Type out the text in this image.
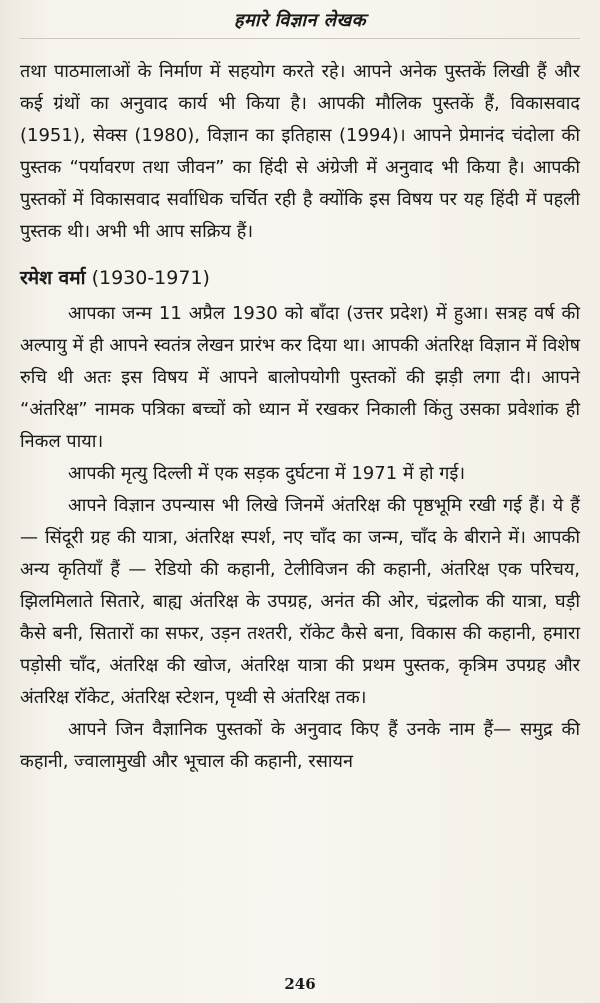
हमारे विज्ञान लेखक

तथा पाठमालाओं के निर्माण में सहयोग करते रहे। आपने अनेक पुस्तकें लिखी हैं और कई ग्रंथों का अनुवाद कार्य भी किया है। आपकी मौलिक पुस्तकें हैं, विकासवाद (1951), सेक्स (1980), विज्ञान का इतिहास (1994)। आपने प्रेमानंद चंदोला की पुस्तक “पर्यावरण तथा जीवन” का हिंदी से अंग्रेजी में अनुवाद भी किया है। आपकी पुस्तकों में विकासवाद सर्वाधिक चर्चित रही है क्योंकि इस विषय पर यह हिंदी में पहली पुस्तक थी। अभी भी आप सक्रिय हैं।

रमेश वर्मा (1930-1971)

आपका जन्म 11 अप्रैल 1930 को बाँदा (उत्तर प्रदेश) में हुआ। सत्रह वर्ष की अल्पायु में ही आपने स्वतंत्र लेखन प्रारंभ कर दिया था। आपकी अंतरिक्ष विज्ञान में विशेष रुचि थी अतः इस विषय में आपने बालोपयोगी पुस्तकों की झड़ी लगा दी। आपने “अंतरिक्ष” नामक पत्रिका बच्चों को ध्यान में रखकर निकाली किंतु उसका प्रवेशांक ही निकल पाया।

आपकी मृत्यु दिल्ली में एक सड़क दुर्घटना में 1971 में हो गई।

आपने विज्ञान उपन्यास भी लिखे जिनमें अंतरिक्ष की पृष्ठभूमि रखी गई हैं। ये हैं — सिंदूरी ग्रह की यात्रा, अंतरिक्ष स्पर्श, नए चाँद का जन्म, चाँद के बीराने में। आपकी अन्य कृतियाँ हैं — रेडियो की कहानी, टेलीविजन की कहानी, अंतरिक्ष एक परिचय, झिलमिलाते सितारे, बाह्य अंतरिक्ष के उपग्रह, अनंत की ओर, चंद्रलोक की यात्रा, घड़ी कैसे बनी, सितारों का सफर, उड़न तश्तरी, रॉकेट कैसे बना, विकास की कहानी, हमारा पड़ोसी चाँद, अंतरिक्ष की खोज, अंतरिक्ष यात्रा की प्रथम पुस्तक, कृत्रिम उपग्रह और अंतरिक्ष रॉकेट, अंतरिक्ष स्टेशन, पृथ्वी से अंतरिक्ष तक।

आपने जिन वैज्ञानिक पुस्तकों के अनुवाद किए हैं उनके नाम हैं— समुद्र की कहानी, ज्वालामुखी और भूचाल की कहानी, रसायन

246
